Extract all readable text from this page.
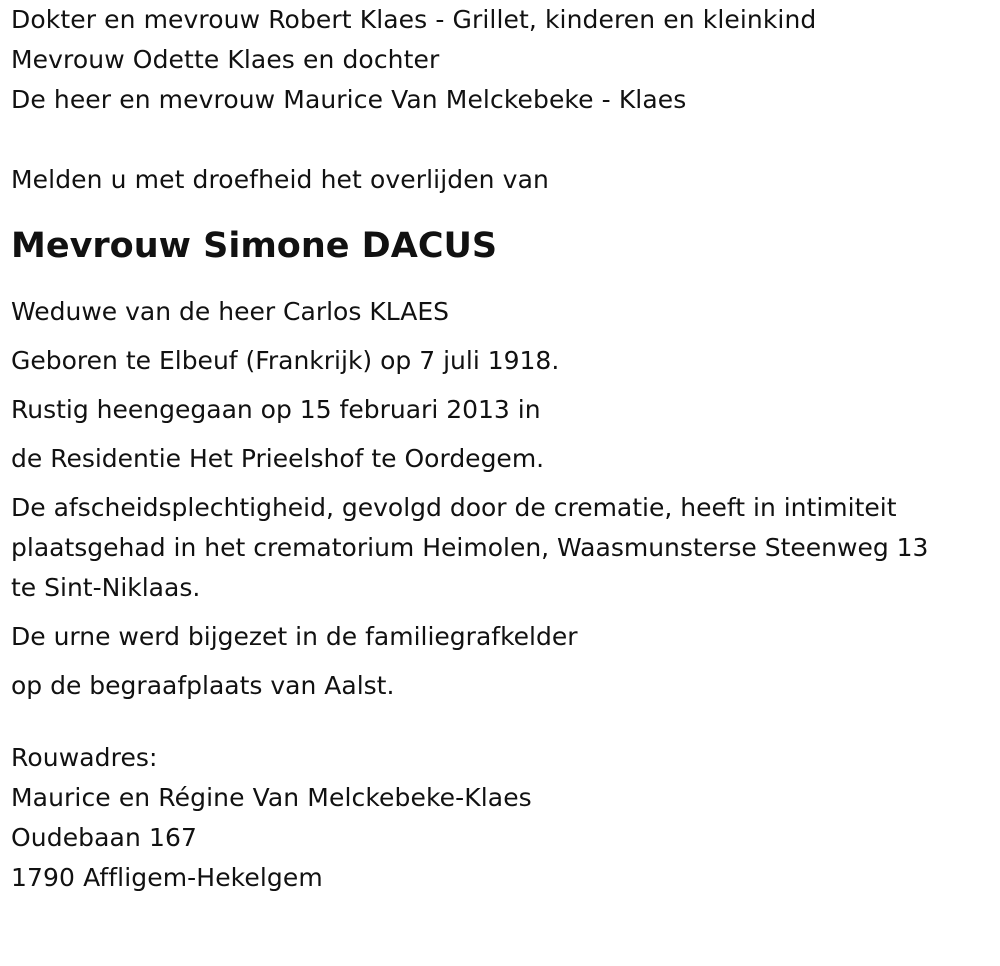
Dokter en mevrouw Robert Klaes - Grillet, kinderen en kleinkind
Mevrouw Odette Klaes en dochter
De heer en mevrouw Maurice Van Melckebeke - Klaes
Melden u met droefheid het overlijden van
Mevrouw Simone DACUS
Weduwe van de heer Carlos KLAES
Geboren te Elbeuf (Frankrijk) op 7 juli 1918.
Rustig heengegaan op 15 februari 2013 in
de Residentie Het Prieelshof te Oordegem.
De afscheidsplechtigheid, gevolgd door de crematie, heeft in intimiteit
plaatsgehad in het crematorium Heimolen, Waasmunsterse Steenweg 13
te Sint-Niklaas.
De urne werd bijgezet in de familiegrafkelder
op de begraafplaats van Aalst.
Rouwadres:
Maurice en Régine Van Melckebeke-Klaes
Oudebaan 167
1790 Affligem-Hekelgem
